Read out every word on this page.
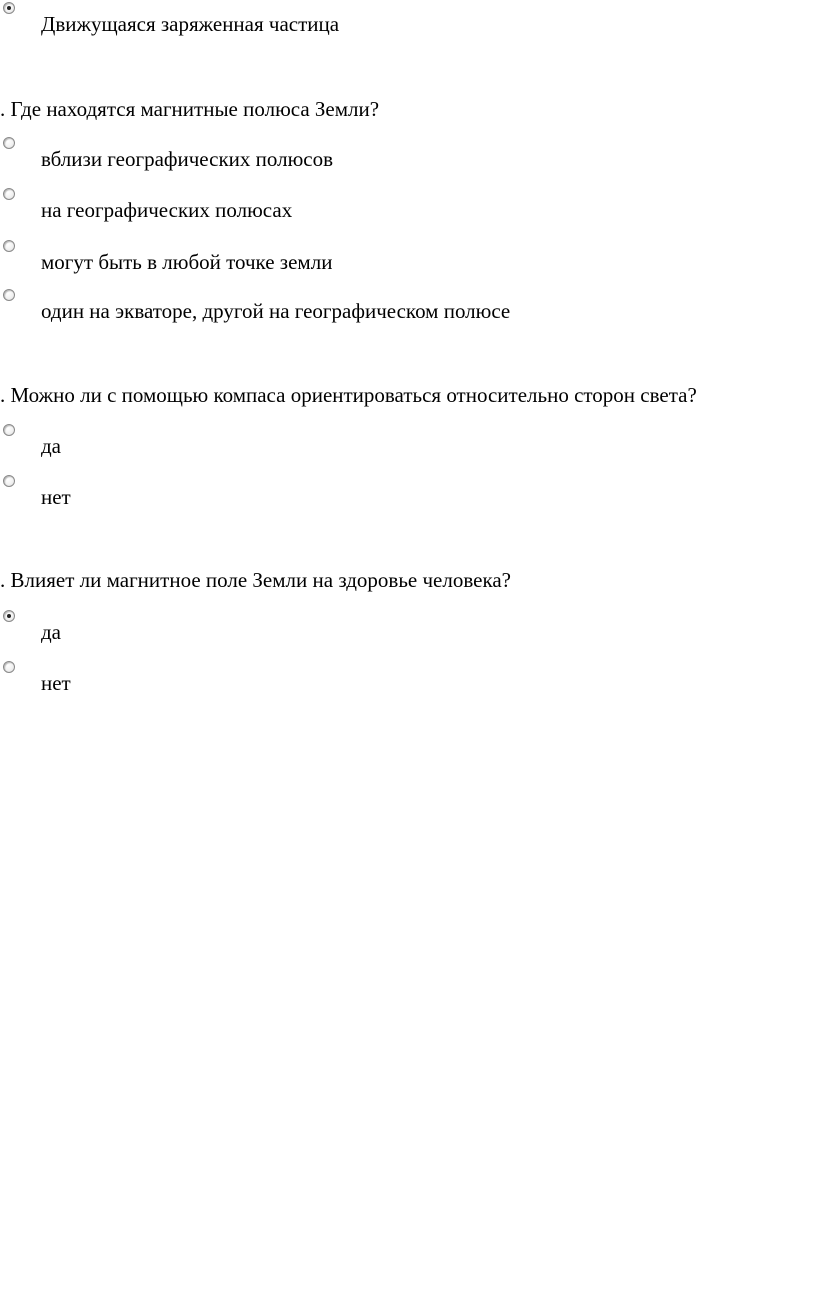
Движущаяся заряженная частица
. Где находятся магнитные полюса Земли?
вблизи географических полюсов
на географических полюсах
могут быть в любой точке земли
один на экваторе, другой на географическом полюсе
. Можно ли с помощью компаса ориентироваться относительно сторон света?
да
нет
. Влияет ли магнитное поле Земли на здоровье человека?
да
нет
